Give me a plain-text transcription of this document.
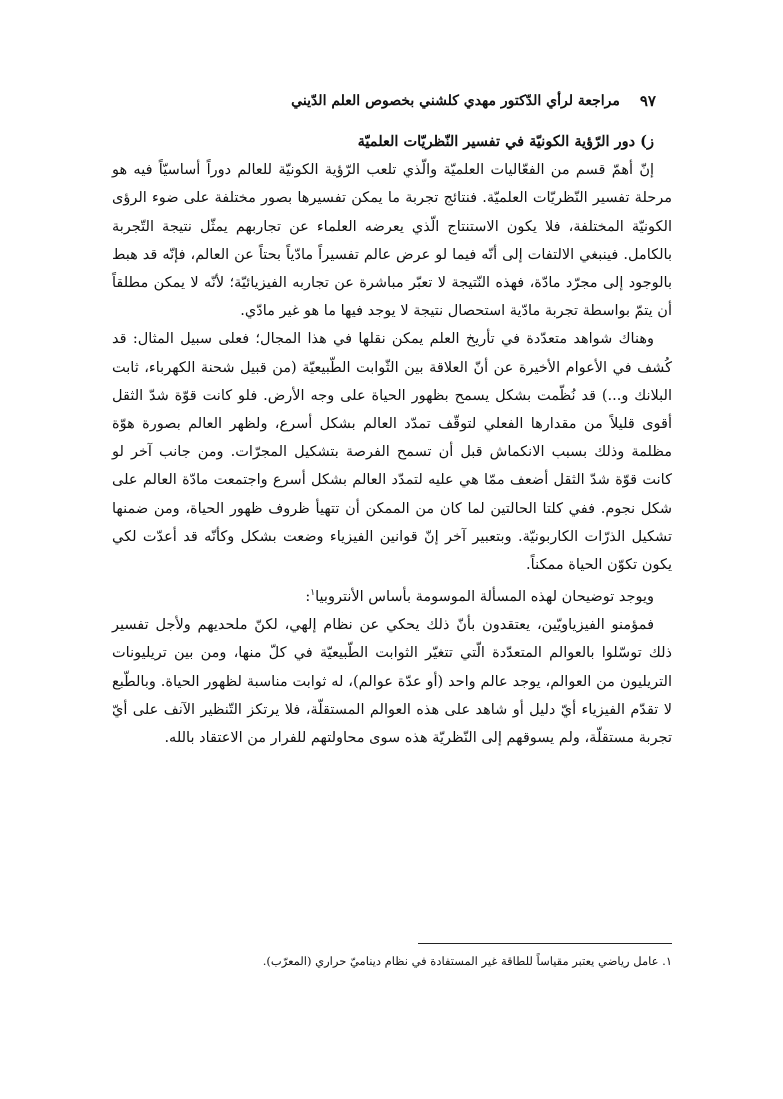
٩٧
مراجعة لرأي الدّكتور مهدي كلشني بخصوص العلم الدّيني
ز) دور الرّؤية الكونيّة في تفسير النّظريّات العلميّة

إنّ أهمّ قسم من الفعّاليات العلميّة والّذي تلعب الرّؤية الكونيّة للعالم دوراً أساسيّاً فيه هو مرحلة تفسير النّظريّات العلميّة. فنتائج تجربة ما يمكن تفسيرها بصور مختلفة على ضوء الرؤى الكونيّة المختلفة، فلا يكون الاستنتاج الّذي يعرضه العلماء عن تجاربهم يمثّل نتيجة التّجربة بالكامل. فينبغي الالتفات إلى أنّه فيما لو عرض عالم تفسيراً مادّياً بحتاً عن العالم، فإنّه قد هبط بالوجود إلى مجرّد مادّة، فهذه النّتيجة لا تعبّر مباشرة عن تجاربه الفيزيائيّة؛ لأنّه لا يمكن مطلقاً أن يتمّ بواسطة تجربة مادّية استحصال نتيجة لا يوجد فيها ما هو غير مادّي.

وهناك شواهد متعدّدة في تأريخ العلم يمكن نقلها في هذا المجال؛ فعلى سبيل المثال: قد كُشف في الأعوام الأخيرة عن أنّ العلاقة بين الثّوابت الطّبيعيّة (من قبيل شحنة الكهرباء، ثابت البلانك و...) قد نُظّمت بشكل يسمح بظهور الحياة على وجه الأرض. فلو كانت قوّة شدّ الثقل أقوى قليلاً من مقدارها الفعلي لتوقّف تمدّد العالم بشكل أسرع، ولظهر العالم بصورة هوّة مظلمة وذلك بسبب الانكماش قبل أن تسمح الفرصة بتشكيل المجرّات. ومن جانب آخر لو كانت قوّة شدّ الثقل أضعف ممّا هي عليه لتمدّد العالم بشكل أسرع واجتمعت مادّة العالم على شكل نجوم. ففي كلتا الحالتين لما كان من الممكن أن تتهيأ ظروف ظهور الحياة، ومن ضمنها تشكيل الذرّات الكاربونيّة. وبتعبير آخر إنّ قوانين الفيزياء وضعت بشكل وكأنّه قد أعدّت لكي يكون تكوّن الحياة ممكناً.

ويوجد توضيحان لهذه المسألة الموسومة بأساس الأنتروبيا$^١$:

فمؤمنو الفيزياويّين، يعتقدون بأنّ ذلك يحكي عن نظام إلهي، لكنّ ملحديهم ولأجل تفسير ذلك توسّلوا بالعوالم المتعدّدة الّتي تتغيّر الثوابت الطّبيعيّة في كلّ منها، ومن بين تريليونات التريليون من العوالم، يوجد عالم واحد (أو عدّة عوالم)، له ثوابت مناسبة لظهور الحياة. وبالطّبع لا تقدّم الفيزياء أيّ دليل أو شاهد على هذه العوالم المستقلّة، فلا يرتكز التّنظير الآنف على أيّ تجربة مستقلّة، ولم يسوقهم إلى النّظريّة هذه سوى محاولتهم للفرار من الاعتقاد بالله.

١. عامل رياضي يعتبر مقياساً للطاقة غير المستفادة في نظام ديناميّ حراري (المعرّب).
